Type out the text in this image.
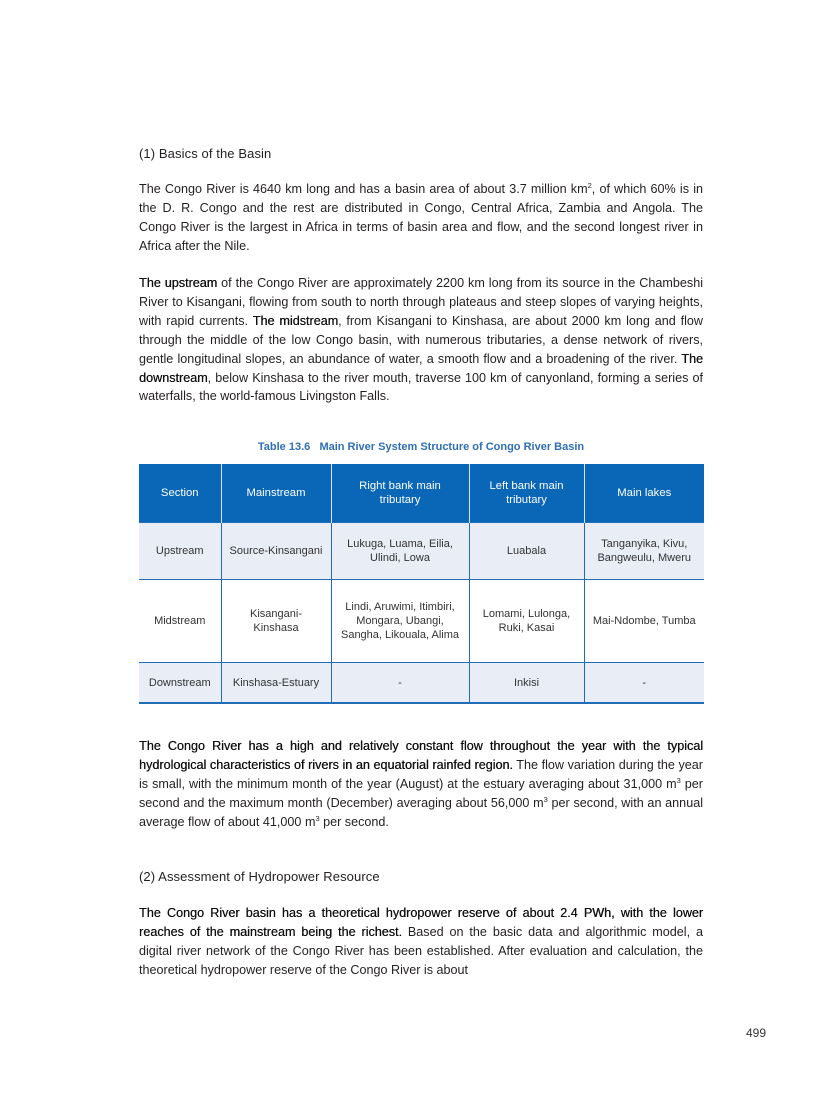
(1) Basics of the Basin

The Congo River is 4640 km long and has a basin area of about 3.7 million $km^2$, of which 60% is in the D. R. Congo and the rest are distributed in Congo, Central Africa, Zambia and Angola. The Congo River is the largest in Africa in terms of basin area and flow, and the second longest river in Africa after the Nile.

The upstream of the Congo River are approximately 2200 km long from its source in the Chambeshi River to Kisangani, flowing from south to north through plateaus and steep slopes of varying heights, with rapid currents. The midstream, from Kisangani to Kinshasa, are about 2000 km long and flow through the middle of the low Congo basin, with numerous tributaries, a dense network of rivers, gentle longitudinal slopes, an abundance of water, a smooth flow and a broadening of the river. The downstream, below Kinshasa to the river mouth, traverse 100 km of canyonland, forming a series of waterfalls, the world-famous Livingston Falls.

Table 13.6   Main River System Structure of Congo River Basin
Section	Mainstream	Right bank main tributary	Left bank main tributary	Main lakes
Upstream	Source-Kinsangani	Lukuga, Luama, Eilia, Ulindi, Lowa	Luabala	Tanganyika, Kivu, Bangweulu, Mweru
Midstream	Kisangani-Kinshasa	Lindi, Aruwimi, Itimbiri, Mongara, Ubangi, Sangha, Likouala, Alima	Lomami, Lulonga, Ruki, Kasai	Mai-Ndombe, Tumba
Downstream	Kinshasa-Estuary	-	Inkisi	-

The Congo River has a high and relatively constant flow throughout the year with the typical hydrological characteristics of rivers in an equatorial rainfed region. The flow variation during the year is small, with the minimum month of the year (August) at the estuary averaging about 31,000 $m^3$ per second and the maximum month (December) averaging about 56,000 $m^3$ per second, with an annual average flow of about 41,000 $m^3$ per second.

(2) Assessment of Hydropower Resource

The Congo River basin has a theoretical hydropower reserve of about 2.4 PWh, with the lower reaches of the mainstream being the richest. Based on the basic data and algorithmic model, a digital river network of the Congo River has been established. After evaluation and calculation, the theoretical hydropower reserve of the Congo River is about

499
